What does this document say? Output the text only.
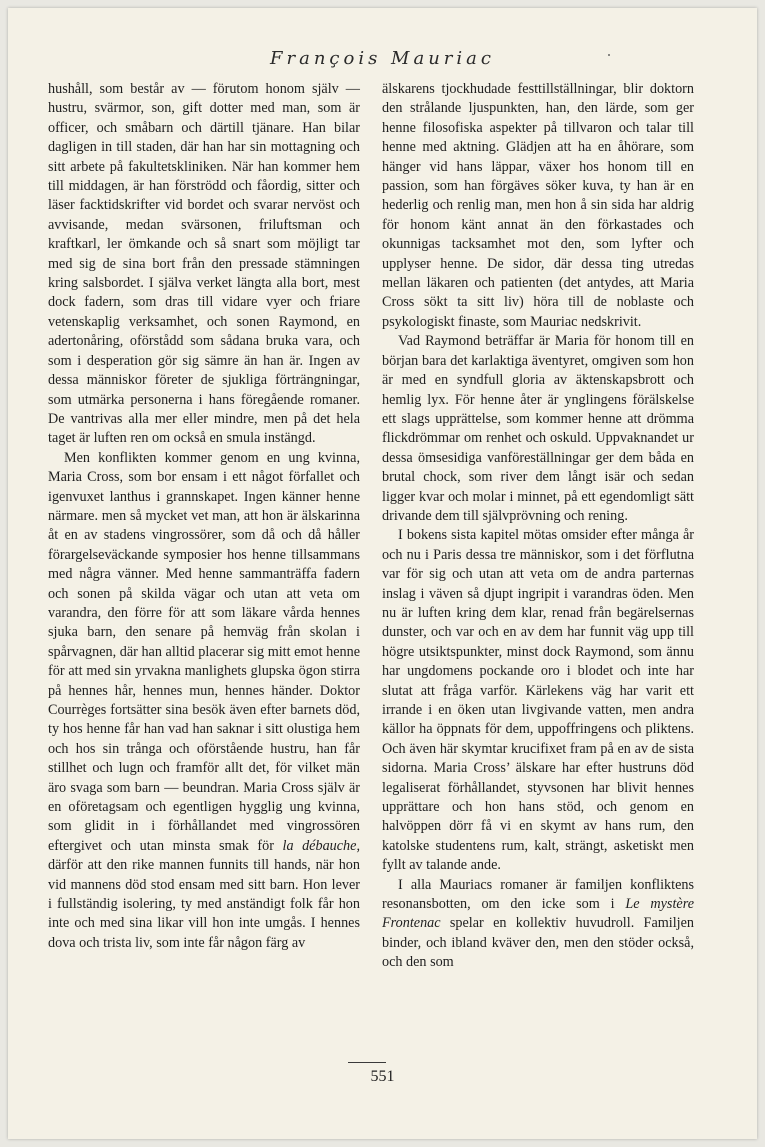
François Mauriac

hushåll, som består av — förutom honom själv — hustru, svärmor, son, gift dotter med man, som är officer, och småbarn och därtill tjänare. Han bilar dagligen in till staden, där han har sin mottagning och sitt arbete på fakultetskliniken. När han kommer hem till middagen, är han förströdd och fåordig, sitter och läser facktidskrifter vid bordet och svarar nervöst och avvisande, medan svärsonen, friluftsman och kraftkarl, ler ömkande och så snart som möjligt tar med sig de sina bort från den pressade stämningen kring salsbordet. I själva verket längta alla bort, mest dock fadern, som dras till vidare vyer och friare vetenskaplig verksamhet, och sonen Raymond, en adertonåring, oförstådd som sådana bruka vara, och som i desperation gör sig sämre än han är. Ingen av dessa människor företer de sjukliga förträngningar, som utmärka personerna i hans föregående romaner. De vantrivas alla mer eller mindre, men på det hela taget är luften ren om också en smula instängd.

Men konflikten kommer genom en ung kvinna, Maria Cross, som bor ensam i ett något förfallet och igenvuxet lanthus i grannskapet. Ingen känner henne närmare. men så mycket vet man, att hon är älskarinna åt en av stadens vingrossörer, som då och då håller förargelseväckande symposier hos henne tillsammans med några vänner. Med henne sammanträffa fadern och sonen på skilda vägar och utan att veta om varandra, den förre för att som läkare vårda hennes sjuka barn, den senare på hemväg från skolan i spårvagnen, där han alltid placerar sig mitt emot henne för att med sin yrvakna manlighets glupska ögon stirra på hennes hår, hennes mun, hennes händer. Doktor Courrèges fortsätter sina besök även efter barnets död, ty hos henne får han vad han saknar i sitt olustiga hem och hos sin trånga och oförstående hustru, han får stillhet och lugn och framför allt det, för vilket män äro svaga som barn — beundran. Maria Cross själv är en oföretagsam och egentligen hygglig ung kvinna, som glidit in i förhållandet med vingrossören eftergivet och utan minsta smak för la débauche, därför att den rike mannen funnits till hands, när hon vid mannens död stod ensam med sitt barn. Hon lever i fullständig isolering, ty med anständigt folk får hon inte och med sina likar vill hon inte umgås. I hennes dova och trista liv, som inte får någon färg av

älskarens tjockhudade festtillställningar, blir doktorn den strålande ljuspunkten, han, den lärde, som ger henne filosofiska aspekter på tillvaron och talar till henne med aktning. Glädjen att ha en åhörare, som hänger vid hans läppar, växer hos honom till en passion, som han förgäves söker kuva, ty han är en hederlig och renlig man, men hon å sin sida har aldrig för honom känt annat än den förkastades och okunnigas tacksamhet mot den, som lyfter och upplyser henne. De sidor, där dessa ting utredas mellan läkaren och patienten (det antydes, att Maria Cross sökt ta sitt liv) höra till de noblaste och psykologiskt finaste, som Mauriac nedskrivit.

Vad Raymond beträffar är Maria för honom till en början bara det karlaktiga äventyret, omgiven som hon är med en syndfull gloria av äktenskapsbrott och hemlig lyx. För henne åter är ynglingens förälskelse ett slags upprättelse, som kommer henne att drömma flickdrömmar om renhet och oskuld. Uppvaknandet ur dessa ömsesidiga vanföreställningar ger dem båda en brutal chock, som river dem långt isär och sedan ligger kvar och molar i minnet, på ett egendomligt sätt drivande dem till självprövning och rening.

I bokens sista kapitel mötas omsider efter många år och nu i Paris dessa tre människor, som i det förflutna var för sig och utan att veta om de andra parternas inslag i väven så djupt ingripit i varandras öden. Men nu är luften kring dem klar, renad från begärelsernas dunster, och var och en av dem har funnit väg upp till högre utsiktspunkter, minst dock Raymond, som ännu har ungdomens pockande oro i blodet och inte har slutat att fråga varför. Kärlekens väg har varit ett irrande i en öken utan livgivande vatten, men andra källor ha öppnats för dem, uppoffringens och pliktens. Och även här skymtar krucifixet fram på en av de sista sidorna. Maria Cross’ älskare har efter hustruns död legaliserat förhållandet, styvsonen har blivit hennes upprättare och hon hans stöd, och genom en halvöppen dörr få vi en skymt av hans rum, den katolske studentens rum, kalt, strängt, asketiskt men fyllt av talande ande.

I alla Mauriacs romaner är familjen konfliktens resonansbotten, om den icke som i Le mystère Frontenac spelar en kollektiv huvudroll. Familjen binder, och ibland kväver den, men den stöder också, och den som

551
